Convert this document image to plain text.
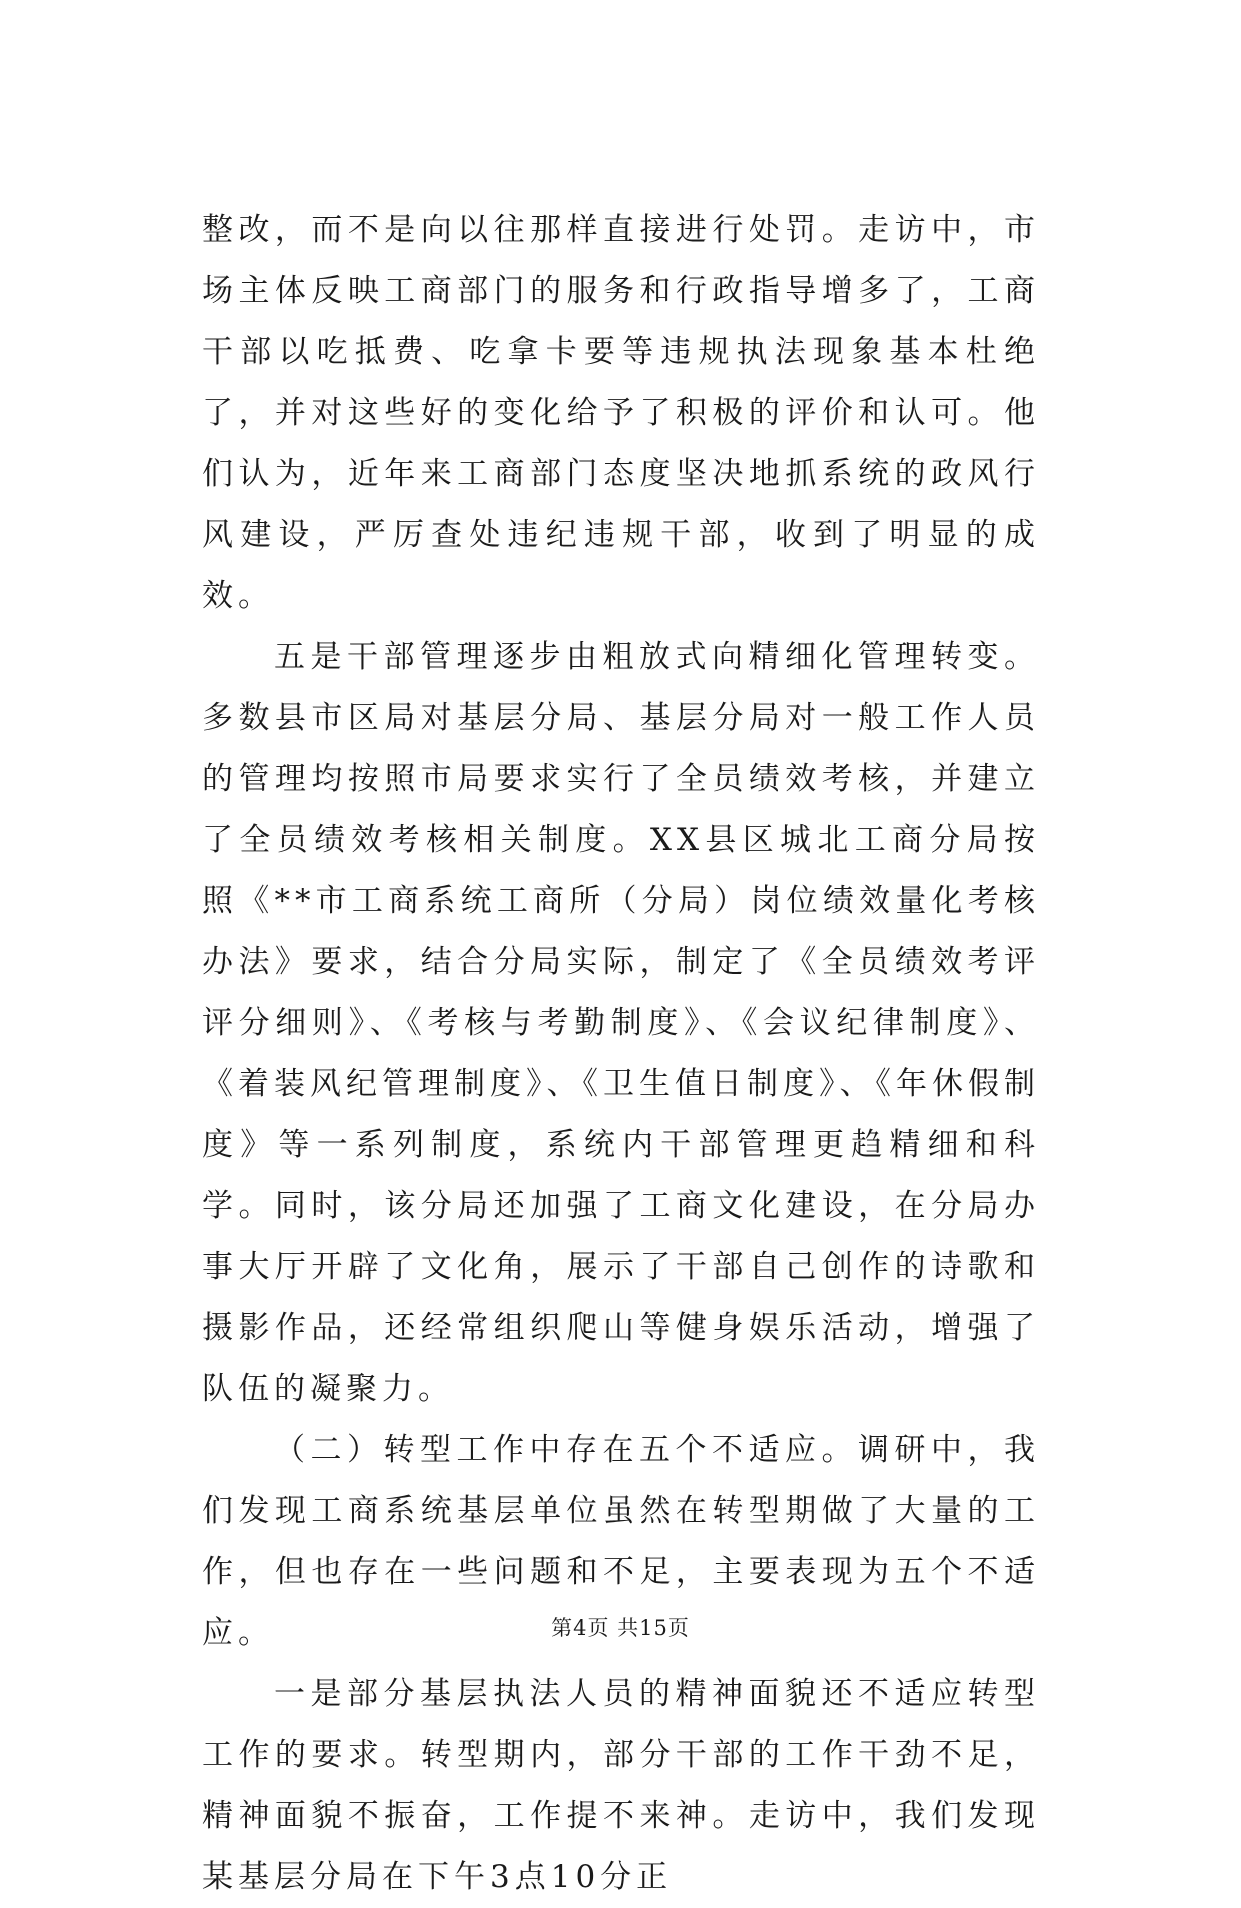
整改，而不是向以往那样直接进行处罚。走访中，市场主体反映工商部门的服务和行政指导增多了，工商干部以吃抵费、吃拿卡要等违规执法现象基本杜绝了，并对这些好的变化给予了积极的评价和认可。他们认为，近年来工商部门态度坚决地抓系统的政风行风建设，严厉查处违纪违规干部，收到了明显的成效。

五是干部管理逐步由粗放式向精细化管理转变。多数县市区局对基层分局、基层分局对一般工作人员的管理均按照市局要求实行了全员绩效考核，并建立了全员绩效考核相关制度。XX县区城北工商分局按照《**市工商系统工商所（分局）岗位绩效量化考核办法》要求，结合分局实际，制定了《全员绩效考评评分细则》、《考核与考勤制度》、《会议纪律制度》、《着装风纪管理制度》、《卫生值日制度》、《年休假制度》等一系列制度，系统内干部管理更趋精细和科学。同时，该分局还加强了工商文化建设，在分局办事大厅开辟了文化角，展示了干部自己创作的诗歌和摄影作品，还经常组织爬山等健身娱乐活动，增强了队伍的凝聚力。

（二）转型工作中存在五个不适应。调研中，我们发现工商系统基层单位虽然在转型期做了大量的工作，但也存在一些问题和不足，主要表现为五个不适应。

一是部分基层执法人员的精神面貌还不适应转型工作的要求。转型期内，部分干部的工作干劲不足，精神面貌不振奋，工作提不来神。走访中，我们发现某基层分局在下午3点10分正

第4页 共15页
